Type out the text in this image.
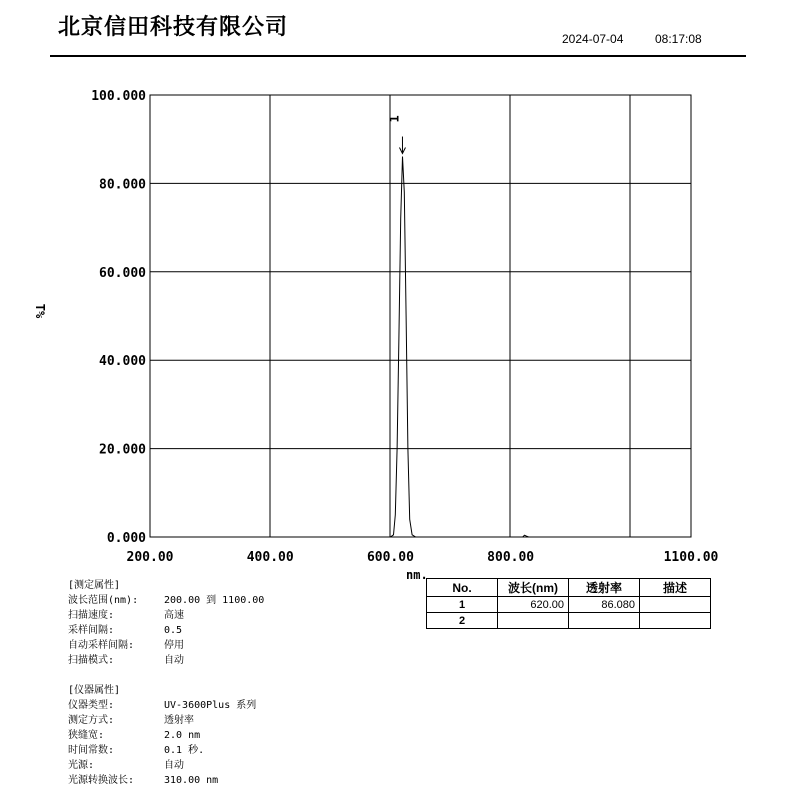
北京信田科技有限公司	2024-07-04	08:17:08
0.000
20.000
40.000
60.000
80.000
100.000
200.00	400.00	600.00	800.00	1100.00
T%
nm.
1
[测定属性]
波长范围(nm):	200.00 到 1100.00
扫描速度:	高速
采样间隔:	0.5
自动采样间隔:	停用
扫描模式:	自动
[仪器属性]
仪器类型:	UV-3600Plus 系列
测定方式:	透射率
狭缝宽:	2.0 nm
时间常数:	0.1 秒.
光源:	自动
光源转换波长:	310.00 nm
No.	波长(nm)	透射率	描述
1	620.00	86.080	
2			
